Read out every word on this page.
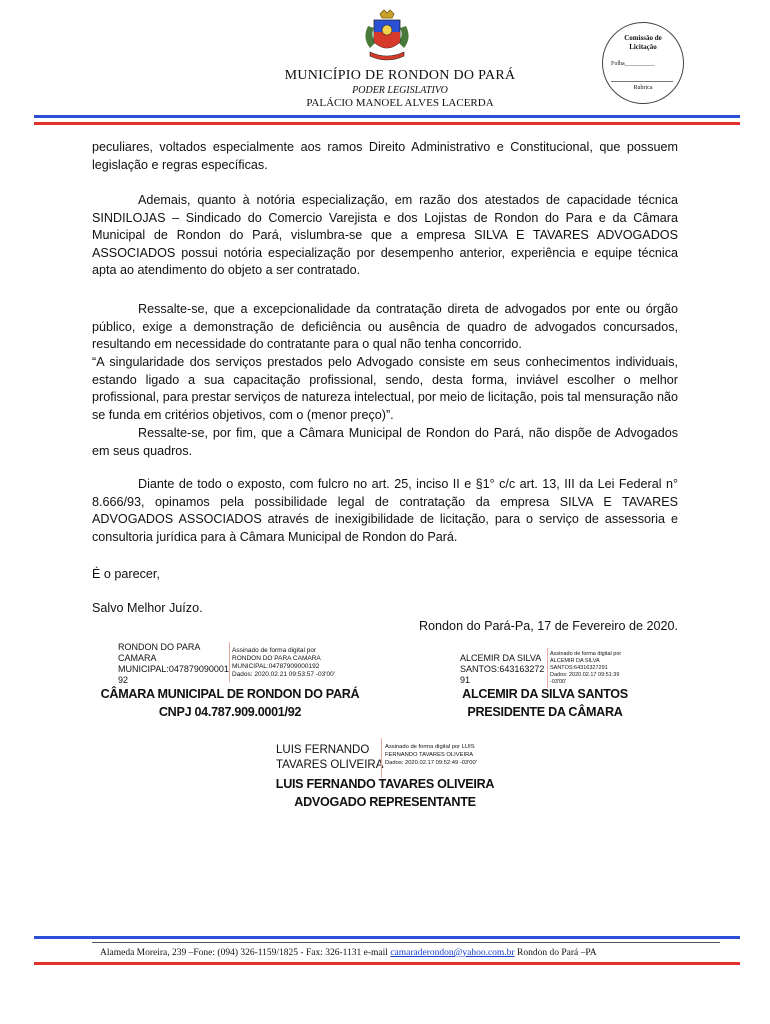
MUNICÍPIO DE RONDON DO PARÁ
PODER LEGISLATIVO
PALÁCIO MANOEL ALVES LACERDA
Comissão de
Licitação
Folha__________
Rubrica
peculiares, voltados especialmente aos ramos Direito Administrativo e Constitucional, que possuem legislação e regras específicas.
Ademais, quanto à notória especialização, em razão dos atestados de capacidade técnica SINDILOJAS – Sindicado do Comercio Varejista e dos Lojistas de Rondon do Para e da Câmara Municipal de Rondon do Pará, vislumbra-se que a empresa SILVA E TAVARES ADVOGADOS ASSOCIADOS possui notória especialização por desempenho anterior, experiência e equipe técnica apta ao atendimento do objeto a ser contratado.
Ressalte-se, que a excepcionalidade da contratação direta de advogados por ente ou órgão público, exige a demonstração de deficiência ou ausência de quadro de advogados concursados, resultando em necessidade do contratante para o qual não tenha concorrido.
“A singularidade dos serviços prestados pelo Advogado consiste em seus conhecimentos individuais, estando ligado a sua capacitação profissional, sendo, desta forma, inviável escolher o melhor profissional, para prestar serviços de natureza intelectual, por meio de licitação, pois tal mensuração não se funda em critérios objetivos, com o (menor preço)”.
Ressalte-se, por fim, que a Câmara Municipal de Rondon do Pará, não dispõe de Advogados em seus quadros.
Diante de todo o exposto, com fulcro no art. 25, inciso II e §1° c/c art. 13, III da Lei Federal n° 8.666/93, opinamos pela possibilidade legal de contratação da empresa SILVA E TAVARES ADVOGADOS ASSOCIADOS através de inexigibilidade de licitação, para o serviço de assessoria e consultoria jurídica para à Câmara Municipal de Rondon do Pará.
É o parecer,
Salvo Melhor Juízo.
Rondon do Pará-Pa, 17 de Fevereiro de 2020.
RONDON DO PARA
CAMARA
MUNICIPAL:047879090001
92
Assinado de forma digital por
RONDON DO PARA CAMARA
MUNICIPAL:04787909000192
Dados: 2020.02.21 09:53:57 -03'00'
CÂMARA MUNICIPAL DE RONDON DO PARÁ
CNPJ 04.787.909.0001/92
ALCEMIR DA SILVA
SANTOS:643163272
91
Assinado de forma digital por
ALCEMIR DA SILVA
SANTOS:64316327291
Dados: 2020.02.17 09:51:39
-03'00'
ALCEMIR DA SILVA SANTOS
PRESIDENTE DA CÂMARA
LUIS FERNANDO
TAVARES OLIVEIRA
Assinado de forma digital por LUIS
FERNANDO TAVARES OLIVEIRA
Dados: 2020.02.17 09:52:49 -03'00'
LUIS FERNANDO TAVARES OLIVEIRA
ADVOGADO REPRESENTANTE
Alameda Moreira, 239 –Fone: (094) 326-1159/1825 - Fax: 326-1131 e-mail camaraderondon@yahoo.com.br Rondon do Pará –PA
